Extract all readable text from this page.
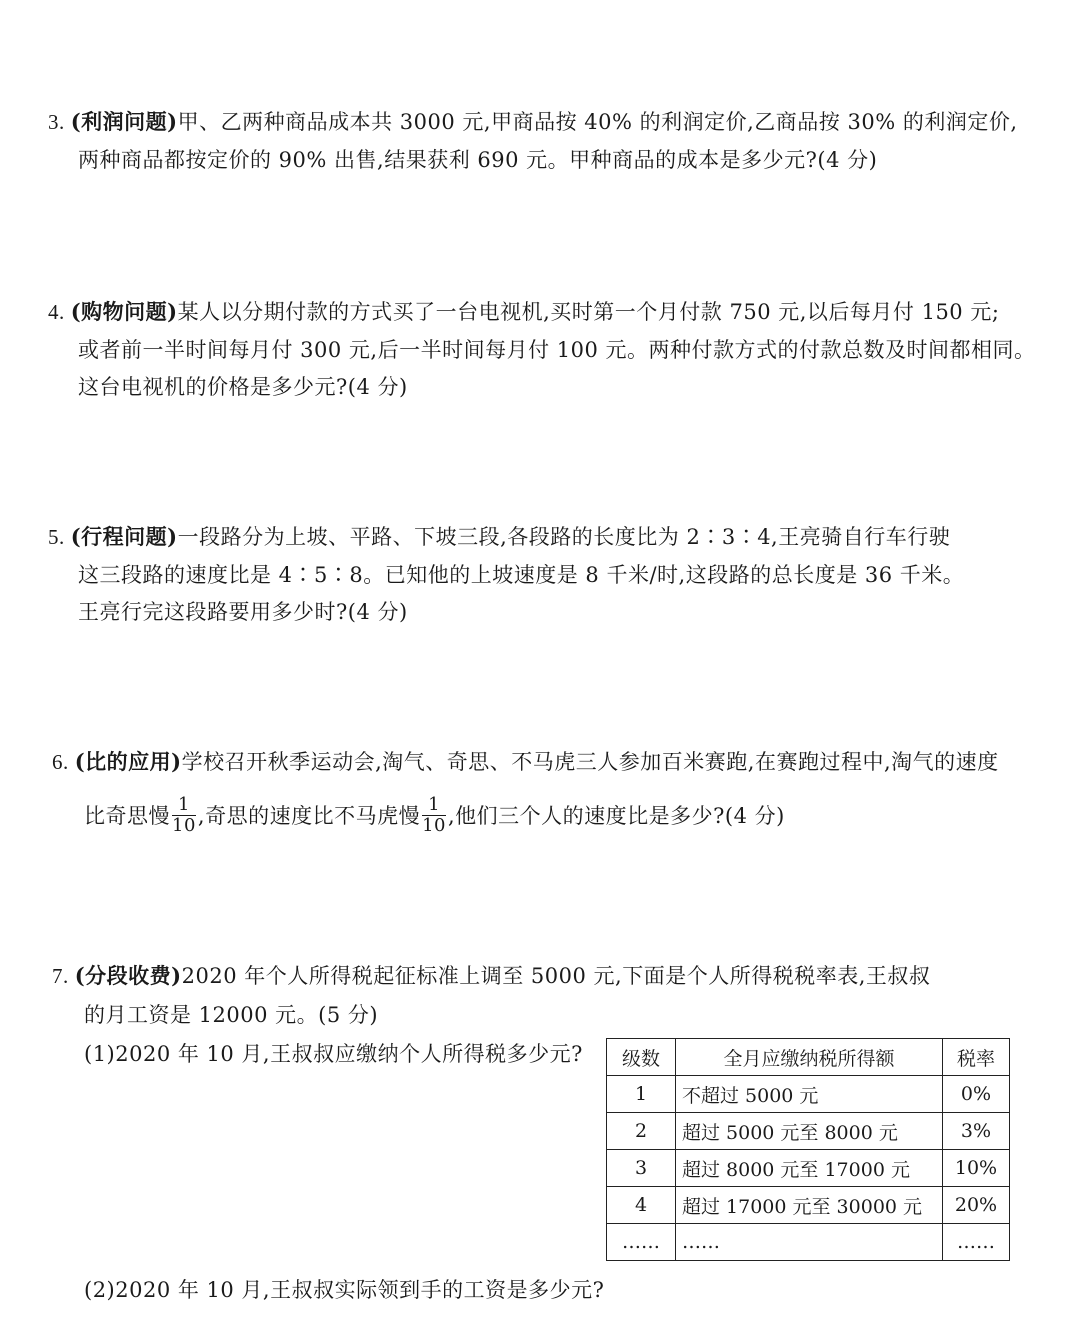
3. (利润问题)甲、乙两种商品成本共 3000 元,甲商品按 40% 的利润定价,乙商品按 30% 的利润定价,
两种商品都按定价的 90% 出售,结果获利 690 元。甲种商品的成本是多少元?(4 分)
4. (购物问题)某人以分期付款的方式买了一台电视机,买时第一个月付款 750 元,以后每月付 150 元;
或者前一半时间每月付 300 元,后一半时间每月付 100 元。两种付款方式的付款总数及时间都相同。
这台电视机的价格是多少元?(4 分)
5. (行程问题)一段路分为上坡、平路、下坡三段,各段路的长度比为 2∶3∶4,王亮骑自行车行驶
这三段路的速度比是 4∶5∶8。已知他的上坡速度是 8 千米/时,这段路的总长度是 36 千米。
王亮行完这段路要用多少时?(4 分)
6. (比的应用)学校召开秋季运动会,淘气、奇思、不马虎三人参加百米赛跑,在赛跑过程中,淘气的速度
比奇思慢 $\frac{1}{10}$ ,奇思的速度比不马虎慢 $\frac{1}{10}$ ,他们三个人的速度比是多少?(4 分)
7. (分段收费)2020 年个人所得税起征标准上调至 5000 元,下面是个人所得税税率表,王叔叔
的月工资是 12000 元。(5 分)
(1)2020 年 10 月,王叔叔应缴纳个人所得税多少元? 级数	全月应缴纳税所得额	税率
1	不超过 5000 元	0%
2	超过 5000 元至 8000 元	3%
3	超过 8000 元至 17000 元	10%
4	超过 17000 元至 30000 元	20%
……	……	……
(2)2020 年 10 月,王叔叔实际领到手的工资是多少元?
